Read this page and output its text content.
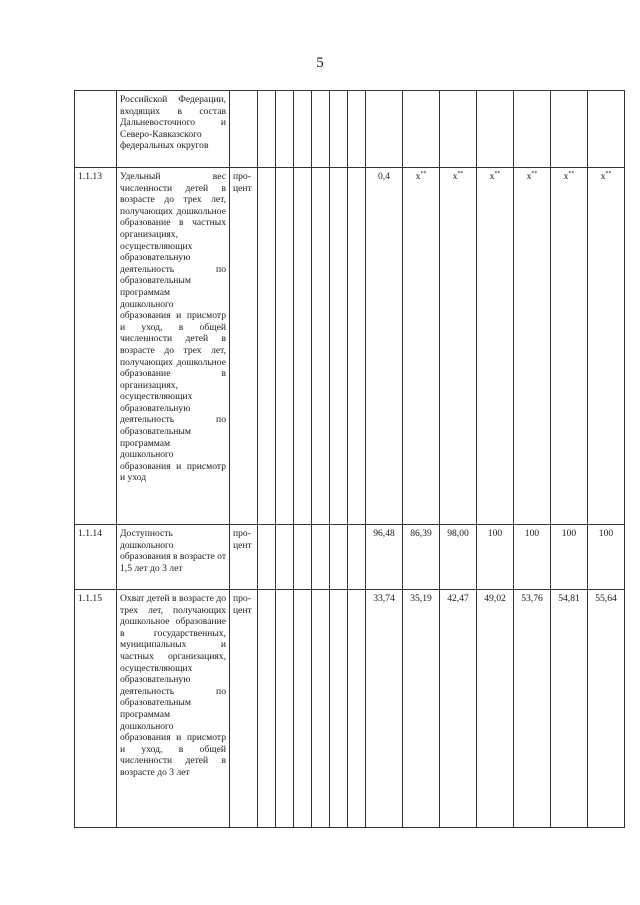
5
	Российской Федерации, входящих в состав Дальневосточного и Северо-Кавказского федеральных округов														
1.1.13	Удельный вес численности детей в возрасте до трех лет, получающих дошкольное образование в частных организациях, осуществляющих образовательную деятельность по образовательным программам дошкольного образования и присмотр и уход, в общей численности детей в возрасте до трех лет, получающих дошкольное образование в организациях, осуществляющих образовательную деятельность по образовательным программам дошкольного образования и присмотр и уход	про-цент							0,4	x**	x**	x**	x**	x**	x**
1.1.14	Доступность дошкольного образования в возрасте от 1,5 лет до 3 лет	про-цент							96,48	86,39	98,00	100	100	100	100
1.1.15	Охват детей в возрасте до трех лет, получающих дошкольное образование в государственных, муниципальных и частных организациях, осуществляющих образовательную деятельность по образовательным программам дошкольного образования и присмотр и уход, в общей численности детей в возрасте до 3 лет	про-цент							33,74	35,19	42,47	49,02	53,76	54,81	55,64
